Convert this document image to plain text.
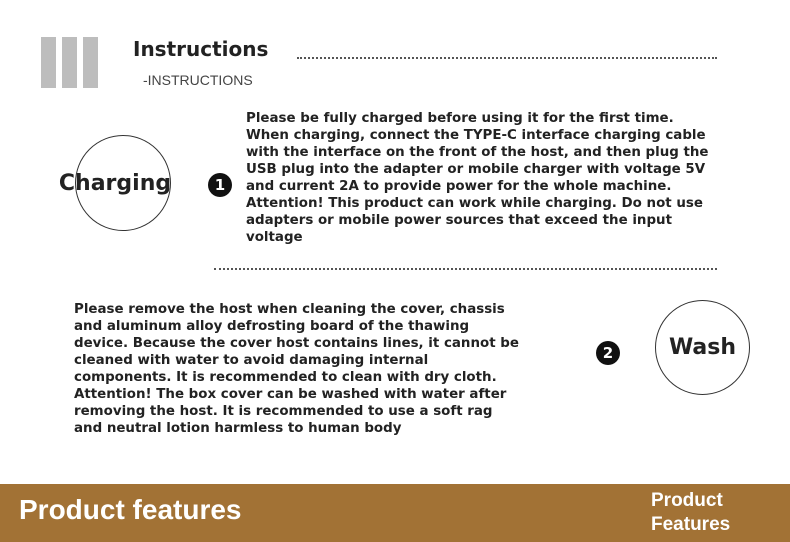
Instructions
-INSTRUCTIONS
Charging	1
Please be fully charged before using it for the first time. When charging, connect the TYPE-C interface charging cable with the interface on the front of the host, and then plug the USB plug into the adapter or mobile charger with voltage 5V and current 2A to provide power for the whole machine. Attention! This product can work while charging. Do not use adapters or mobile power sources that exceed the input voltage
Please remove the host when cleaning the cover, chassis and aluminum alloy defrosting board of the thawing device. Because the cover host contains lines, it cannot be cleaned with water to avoid damaging internal components. It is recommended to clean with dry cloth. Attention! The box cover can be washed with water after removing the host. It is recommended to use a soft rag and neutral lotion harmless to human body
2	Wash
Product features	Product
Features
